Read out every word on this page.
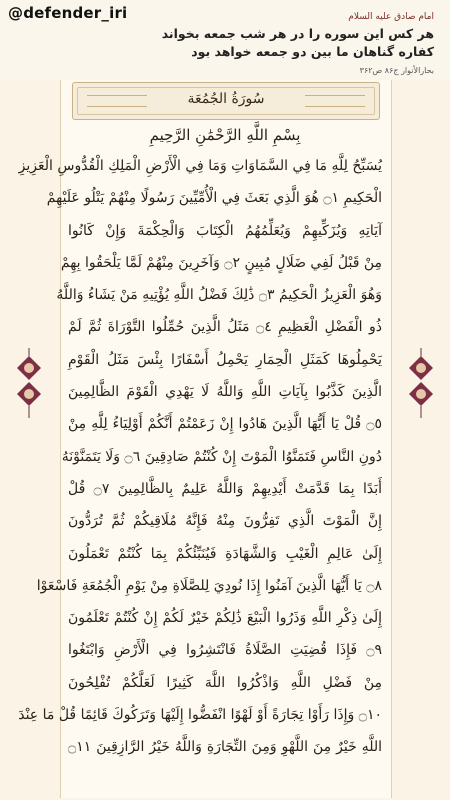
@defender_iri	امام صادق علیه السلام
هر کس این سوره را در هر شب جمعه بخواند
کفاره گناهان ما بین دو جمعه خواهد بود
بحارالأنوار ج۸۶ ص۳۶۲
سُورَةُ الجُمُعَة
بِسْمِ اللَّهِ الرَّحْمَٰنِ الرَّحِيمِ
يُسَبِّحُ لِلَّهِ مَا فِي السَّمَاوَاتِ وَمَا فِي الْأَرْضِ الْمَلِكِ الْقُدُّوسِ الْعَزِيزِ
الْحَكِيمِ ۝١ هُوَ الَّذِي بَعَثَ فِي الْأُمِّيِّينَ رَسُولًا مِنْهُمْ يَتْلُو عَلَيْهِمْ
آيَاتِهِ وَيُزَكِّيهِمْ وَيُعَلِّمُهُمُ الْكِتَابَ وَالْحِكْمَةَ وَإِنْ كَانُوا
مِنْ قَبْلُ لَفِي ضَلَالٍ مُبِينٍ ۝٢ وَآخَرِينَ مِنْهُمْ لَمَّا يَلْحَقُوا بِهِمْ
وَهُوَ الْعَزِيزُ الْحَكِيمُ ۝٣ ذَٰلِكَ فَضْلُ اللَّهِ يُؤْتِيهِ مَنْ يَشَاءُ وَاللَّهُ
ذُو الْفَضْلِ الْعَظِيمِ ۝٤ مَثَلُ الَّذِينَ حُمِّلُوا التَّوْرَاةَ ثُمَّ لَمْ
يَحْمِلُوهَا كَمَثَلِ الْحِمَارِ يَحْمِلُ أَسْفَارًا بِئْسَ مَثَلُ الْقَوْمِ
الَّذِينَ كَذَّبُوا بِآيَاتِ اللَّهِ وَاللَّهُ لَا يَهْدِي الْقَوْمَ الظَّالِمِينَ
۝٥ قُلْ يَا أَيُّهَا الَّذِينَ هَادُوا إِنْ زَعَمْتُمْ أَنَّكُمْ أَوْلِيَاءُ لِلَّهِ مِنْ
دُونِ النَّاسِ فَتَمَنَّوُا الْمَوْتَ إِنْ كُنْتُمْ صَادِقِينَ ۝٦ وَلَا يَتَمَنَّوْنَهُ
أَبَدًا بِمَا قَدَّمَتْ أَيْدِيهِمْ وَاللَّهُ عَلِيمٌ بِالظَّالِمِينَ ۝٧ قُلْ
إِنَّ الْمَوْتَ الَّذِي تَفِرُّونَ مِنْهُ فَإِنَّهُ مُلَاقِيكُمْ ثُمَّ تُرَدُّونَ
إِلَىٰ عَالِمِ الْغَيْبِ وَالشَّهَادَةِ فَيُنَبِّئُكُمْ بِمَا كُنْتُمْ تَعْمَلُونَ
۝٨ يَا أَيُّهَا الَّذِينَ آمَنُوا إِذَا نُودِيَ لِلصَّلَاةِ مِنْ يَوْمِ الْجُمُعَةِ فَاسْعَوْا
إِلَىٰ ذِكْرِ اللَّهِ وَذَرُوا الْبَيْعَ ذَٰلِكُمْ خَيْرٌ لَكُمْ إِنْ كُنْتُمْ تَعْلَمُونَ
۝٩ فَإِذَا قُضِيَتِ الصَّلَاةُ فَانْتَشِرُوا فِي الْأَرْضِ وَابْتَغُوا
مِنْ فَضْلِ اللَّهِ وَاذْكُرُوا اللَّهَ كَثِيرًا لَعَلَّكُمْ تُفْلِحُونَ
۝١٠ وَإِذَا رَأَوْا تِجَارَةً أَوْ لَهْوًا انْفَضُّوا إِلَيْهَا وَتَرَكُوكَ قَائِمًا قُلْ مَا عِنْدَ
اللَّهِ خَيْرٌ مِنَ اللَّهْوِ وَمِنَ التِّجَارَةِ وَاللَّهُ خَيْرُ الرَّازِقِينَ ۝١١
